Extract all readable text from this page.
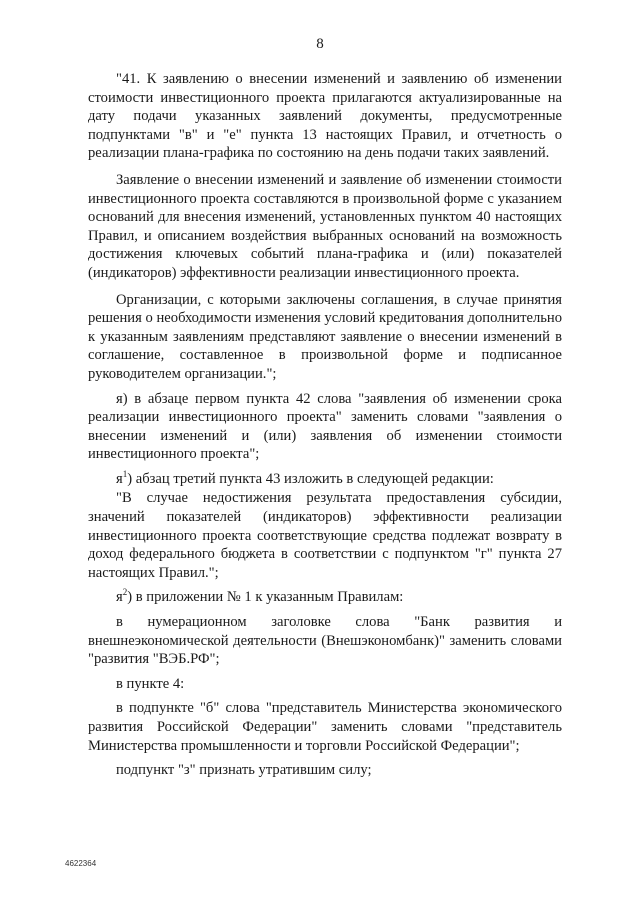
8

"41. К заявлению о внесении изменений и заявлению об изменении стоимости инвестиционного проекта прилагаются актуализированные на дату подачи указанных заявлений документы, предусмотренные подпунктами "в" и "е" пункта 13 настоящих Правил, и отчетность о реализации плана-графика по состоянию на день подачи таких заявлений.

Заявление о внесении изменений и заявление об изменении стоимости инвестиционного проекта составляются в произвольной форме с указанием оснований для внесения изменений, установленных пунктом 40 настоящих Правил, и описанием воздействия выбранных оснований на возможность достижения ключевых событий плана-графика и (или) показателей (индикаторов) эффективности реализации инвестиционного проекта.

Организации, с которыми заключены соглашения, в случае принятия решения о необходимости изменения условий кредитования дополнительно к указанным заявлениям представляют заявление о внесении изменений в соглашение, составленное в произвольной форме и подписанное руководителем организации.";

я) в абзаце первом пункта 42 слова "заявления об изменении срока реализации инвестиционного проекта" заменить словами "заявления о внесении изменений и (или) заявления об изменении стоимости инвестиционного проекта";

$я^1$) абзац третий пункта 43 изложить в следующей редакции:

"В случае недостижения результата предоставления субсидии, значений показателей (индикаторов) эффективности реализации инвестиционного проекта соответствующие средства подлежат возврату в доход федерального бюджета в соответствии с подпунктом "г" пункта 27 настоящих Правил.";

$я^2$) в приложении № 1 к указанным Правилам:

в нумерационном заголовке слова "Банк развития и внешнеэкономической деятельности (Внешэкономбанк)" заменить словами "развития "ВЭБ.РФ";

в пункте 4:

в подпункте "б" слова "представитель Министерства экономического развития Российской Федерации" заменить словами "представитель Министерства промышленности и торговли Российской Федерации";

подпункт "з" признать утратившим силу;

4622364
